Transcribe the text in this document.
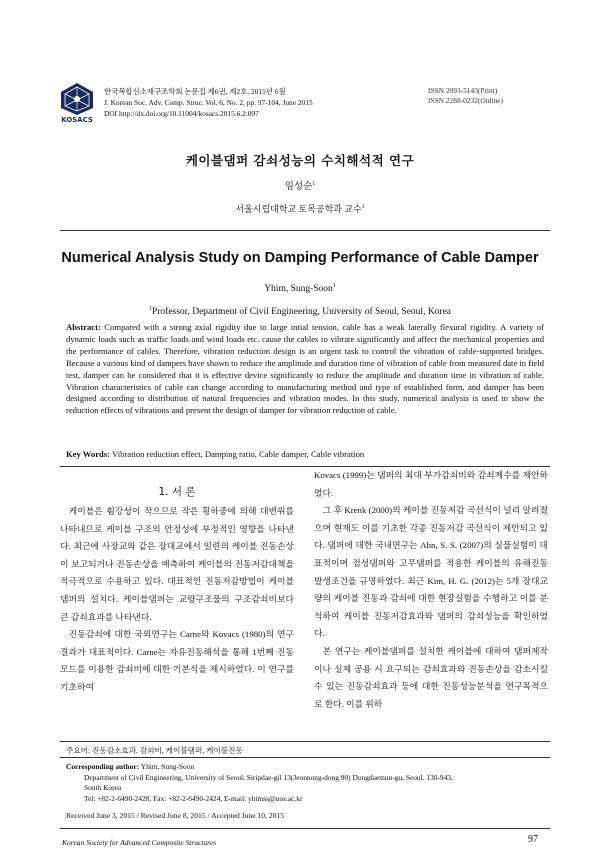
KOSACS
한국복합신소재구조학회 논문집 제6권, 제2호, 2015년 6월
J. Korean Soc. Adv. Comp. Struc. Vol. 6, No. 2, pp. 97-104, June 2015
DOI http://dx.doi.org/10.11004/kosacs.2015.6.2.097
ISSN 2093-5145(Print)
ISSN 2288-0232(Online)
케이블댐퍼 감쇠성능의 수치해석적 연구
임성순$^1$
서울시립대학교 토목공학과 교수$^1$
Numerical Analysis Study on Damping Performance of Cable Damper
Yhim, Sung-Soon$^1$
$^1$Professor, Department of Civil Engineering, University of Seoul, Seoul, Korea
Abstract: Compared with a strong axial rigidity due to large intial tension, cable has a weak laterally flexural rigidity. A variety of dynamic loads such as traffic loads and wind loads etc. cause the cables to vibrate significantly and affect the mechanical properties and the performance of cables. Therefore, vibration reduction design is an urgent task to control the vibration of cable-supported bridges. Because a various kind of dampers have shown to reduce the amplitude and duration time of vibration of cable from measured date in field test, damper can be considered that it is effective device significantly to reduce the amplitude and duration time in vibration of cable. Vibration characteristics of cable can change according to manufacturing method and type of established form, and damper has been designed according to distribution of natural frequencies and vibration modes. In this study, numerical analysis is used to show the reduction effects of vibrations and present the design of damper for vibration reduction of cable.
Key Words: Vibration reduction effect, Damping ratio, Cable damper, Cable vibration
1. 서 론

케이블은 휨강성이 작으므로 작은 횡하중에 의해 대변위를 나타내므로 케이블 구조의 안정성에 부정적인 영향을 나타낸다. 최근에 사장교와 같은 장대교에서 일련의 케이블 진동손상이 보고되거나 진동손상을 예측하여 케이블의 진동저감대책을 적극적으로 수용하고 있다. 대표적인 진동저감방법이 케이블댐퍼의 설치다. 케이블댐퍼는 교량구조물의 구조감쇠비보다 큰 감쇠효과를 나타낸다.

진동감쇠에 대한 국외연구는 Carne와 Kovacs (1980)의 연구결과가 대표적이다. Carne는 자유진동해석을 통해 1번째 진동모드를 이용한 감쇠비에 대한 기본식을 제시하였다. 이 연구를 기초하여

Kovacs (1999)는 댐퍼의 최대 부가감쇠비와 감쇠계수를 제안하였다.

그 후 Krenk (2000)의 케이블 진동저감 곡선식이 널리 알려졌으며 현재도 이를 기초한 각종 진동저감 곡선식이 제안되고 있다. 댐퍼에 대한 국내연구는 Ahn, S. S. (2007)의 실물실험이 대표적이며 점성댐퍼와 고무댐퍼를 적용한 케이블의 유해진동 발생조건을 규명하였다. 최근 Kim, H. G. (2012)는 5개 장대교량의 케이블 진동과 감쇠에 대한 현장실험을 수행하고 이를 분석하여 케이블 진동저감효과와 댐퍼의 감쇠성능을 확인하였다.

본 연구는 케이블댐퍼를 설치한 케이블에 대하여 댐퍼제작이나 실제 공용 시 요구되는 감쇠효과와 진동손상을 감소시킬 수 있는 진동감쇠효과 등에 대한 진동성능분석을 연구목적으로 한다. 이를 위하

주요어: 진동감소효과, 감쇠비, 케이블댐퍼, 케이블진동
Corresponding author: Yhim, Sung-Soon
Department of Civil Engineering, University of Seoul, Siripdae-gil 13(Jeonnong-dong 90) Dongdaemun-gu, Seoul. 130-943,
South Korea
Tel: +82-2-6490-2428, Fax: +82-2-6490-2424, E-mail: yhimss@uos.ac.kr
Received June 3, 2015 / Revised June 8, 2015 / Accepted June 10, 2015
Korean Society for Advanced Composite Structures	97
